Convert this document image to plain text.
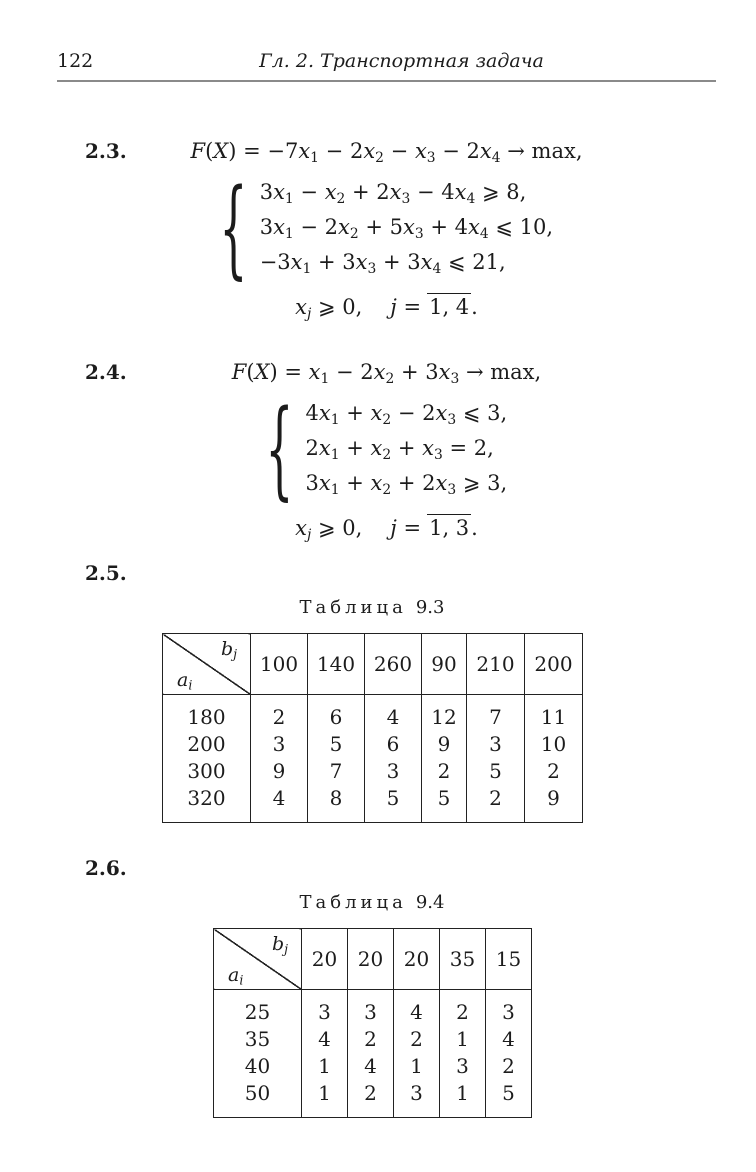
122	Гл. 2. Транспортная задача
2.3.	$F(X) = -7x_1 - 2x_2 - x_3 - 2x_4 \to \max$,
{ $3x_1 - x_2 + 2x_3 - 4x_4$ ⩾ 8,
$3x_1 - 2x_2 + 5x_3 + 4x_4$ ⩽ 10,
$-3x_1 + 3x_3 + 3x_4$ ⩽ 21,
$x_j$ ⩾ 0, j = 1, 4.
2.4.	$F(X) = x_1 - 2x_2 + 3x_3 \to \max$,
{ $4x_1 + x_2 - 2x_3$ ⩽ 3,
$2x_1 + x_2 + x_3 = 2$,
$3x_1 + x_2 + 2x_3$ ⩾ 3,
$x_j$ ⩾ 0, j = 1, 3.
2.5.
Таблица 9.3
$b_j$
$a_i$	100	140	260	90	210	200
180	2	6	4	12	7	11
200	3	5	6	9	3	10
300	9	7	3	2	5	2
320	4	8	5	5	2	9
2.6.
Таблица 9.4
$b_j$
$a_i$	20	20	20	35	15
25	3	3	4	2	3
35	4	2	2	1	4
40	1	4	1	3	2
50	1	2	3	1	5
